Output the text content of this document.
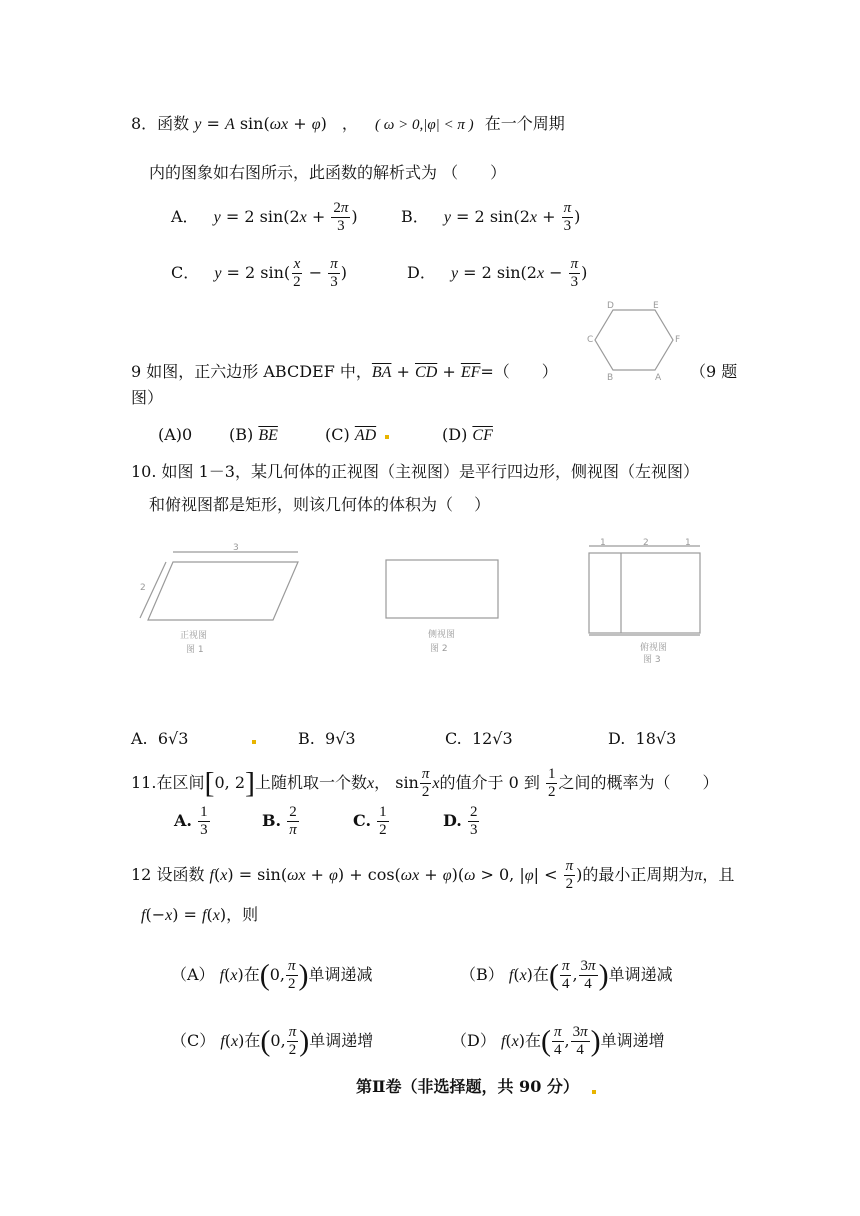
8．函数 y = A sin(ωx + φ) ， ( ω > 0,|φ| < π ) 在一个周期
内的图象如右图所示，此函数的解析式为 （　　）
A． y = 2 $\sin(2x + \frac{2\pi}{3}$ )	B． y = 2 $\sin(2x + \frac{\pi}{3}$ )
C． y = 2 $\sin( \frac{x}{2} - \frac{\pi}{3}$ )	D． y = 2 $\sin(2x - \frac{\pi}{3}$ )
D	E
F
A
B
C
9 如图，正六边形 ABCDEF 中，$\overline{BA} + \overline{CD} + \overline{EF}=$（　　）	（9 题
图）
(A)0 (B) $\overline{BE}$	(C) $\overline{AD}$	(D) $\overline{CF}$
10. 如图 1－3，某几何体的正视图（主视图）是平行四边形，侧视图（左视图）
和俯视图都是矩形，则该几何体的体积为（　 ）
3
2
正视图
图 1
侧视图
图 2
1	2	1
俯视图
图 3
A. 6√3	B. 9√3	C. 12√3	D. 18√3
11.在区间[0, 2]上随机取一个数x， $\sin \frac{\pi}{2}$ x的值介于 0 到 $\frac{1}{2}$ 之间的概率为（　　）
A. $\frac{1}{3}$	B. $\frac{2}{\pi}$	C. $\frac{1}{2}$	D. $\frac{2}{3}$
12 设函数 f(x) = sin(ωx + φ) + cos(ωx + φ)(ω > 0, $|\varphi| < \frac{\pi}{2}$ )的最小正周期为π，且
f(−x) = f(x)，则
（A） f(x)在(0, $\frac{\pi}{2}$ )单调递减	（B） f(x)在( $\frac{\pi}{4}$ , $\frac{3\pi}{4}$ )单调递减
（C） f(x)在(0, $\frac{\pi}{2}$ )单调递增	（D） f(x)在( $\frac{\pi}{4}$ , $\frac{3\pi}{4}$ )单调递增
第Ⅱ卷（非选择题，共 90 分）
